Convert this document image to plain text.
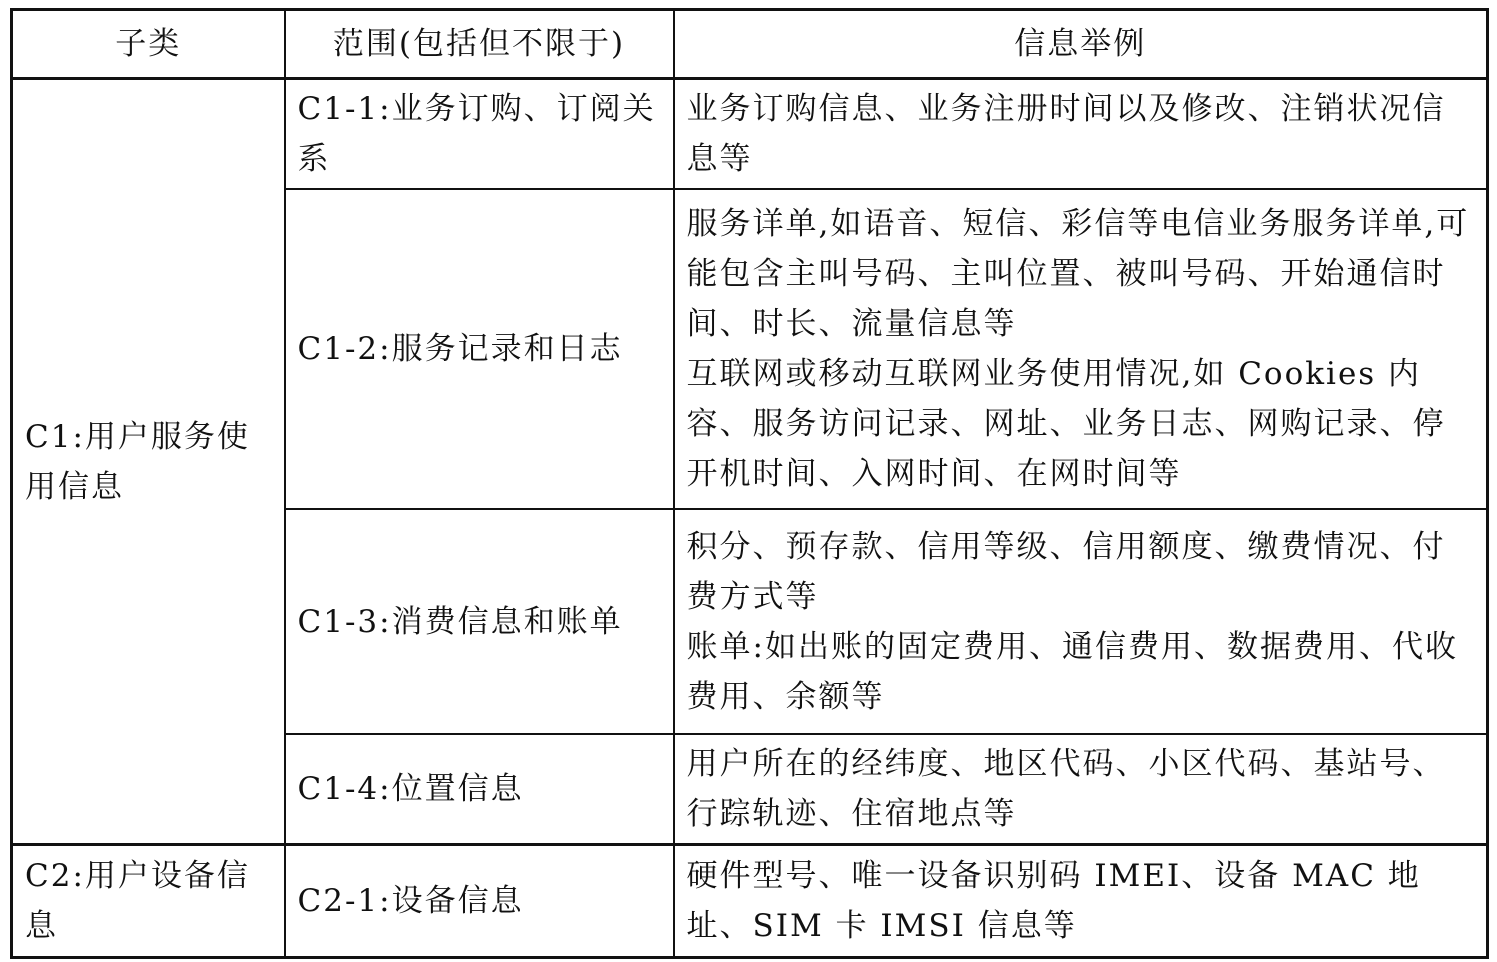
子类	范围(包括但不限于)	信息举例
C1:用户服务使用信息	C1-1:业务订购、订阅关系	业务订购信息、业务注册时间以及修改、注销状况信息等

	C1-2:服务记录和日志	服务详单,如语音、短信、彩信等电信业务服务详单,可能包含主叫号码、主叫位置、被叫号码、开始通信时间、时长、流量信息等
互联网或移动互联网业务使用情况,如 Cookies 内容、服务访问记录、网址、业务日志、网购记录、停开机时间、入网时间、在网时间等

	C1-3:消费信息和账单	积分、预存款、信用等级、信用额度、缴费情况、付费方式等
账单:如出账的固定费用、通信费用、数据费用、代收费用、余额等

	C1-4:位置信息	用户所在的经纬度、地区代码、小区代码、基站号、行踪轨迹、住宿地点等

C2:用户设备信息	C2-1:设备信息	硬件型号、唯一设备识别码 IMEI、设备 MAC 地址、SIM 卡 IMSI 信息等
